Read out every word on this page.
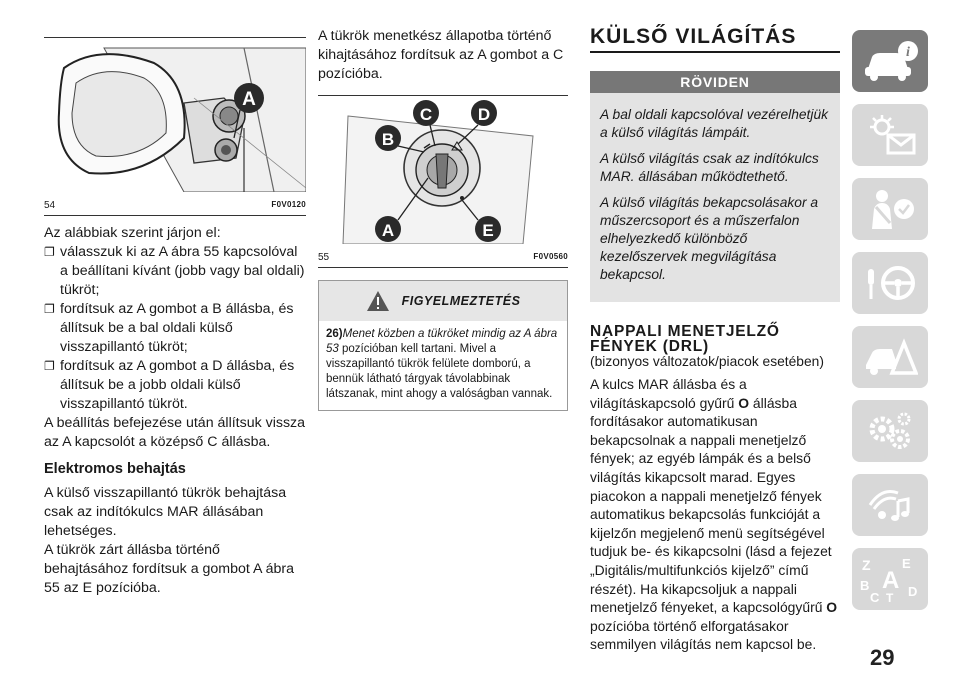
A
54	F0V0120

Az alábbiak szerint járjon el:

❐ válasszuk ki az A ábra 55 kapcsolóval a beállítani kívánt (jobb vagy bal oldali) tükröt;
❐ fordítsuk az A gombot a B állásba, és állítsuk be a bal oldali külső visszapillantó tükröt;
❐ fordítsuk az A gombot a D állásba, és állítsuk be a jobb oldali külső visszapillantó tükröt.

A beállítás befejezése után állítsuk vissza az A kapcsolót a középső C állásba.

Elektromos behajtás

A külső visszapillantó tükrök behajtása csak az indítókulcs MAR állásában lehetséges.

A tükrök zárt állásba történő behajtásához fordítsuk a gombot A ábra 55 az E pozícióba.

A tükrök menetkész állapotba történő kihajtásához fordítsuk az A gombot a C pozícióba.

B
C	D
A	E
55	F0V0560
FIGYELMEZTETÉS
26)Menet közben a tükröket mindig az A ábra 53 pozícióban kell tartani. Mivel a visszapillantó tükrök felülete domború, a bennük látható tárgyak távolabbinak látszanak, mint ahogy a valóságban vannak.
KÜLSŐ VILÁGÍTÁS
RÖVIDEN

A bal oldali kapcsolóval vezérelhetjük a külső világítás lámpáit.

A külső világítás csak az indítókulcs MAR. állásában működtethető.

A külső világítás bekapcsolásakor a műszercsoport és a műszerfalon elhelyezkedő különböző kezelőszervek megvilágítása bekapcsol.

NAPPALI MENETJELZŐ
FÉNYEK (DRL)
(bizonyos változatok/piacok esetében)
A kulcs MAR állásba és a világításkapcsoló gyűrű O állásba fordításakor automatikusan bekapcsolnak a nappali menetjelző fények; az egyéb lámpák és a belső világítás kikapcsolt marad. Egyes piacokon a nappali menetjelző fények automatikus bekapcsolás funkcióját a kijelzőn megjelenő menü segítségével tudjuk be- és kikapcsolni (lásd a fejezet „Digitális/multifunkciós kijelző” című részét). Ha kikapcsoljuk a nappali menetjelző fényeket, a kapcsológyűrű O pozícióba történő elforgatásakor semmilyen világítás nem kapcsol be.
i
Z E
A
B
C T D
29
